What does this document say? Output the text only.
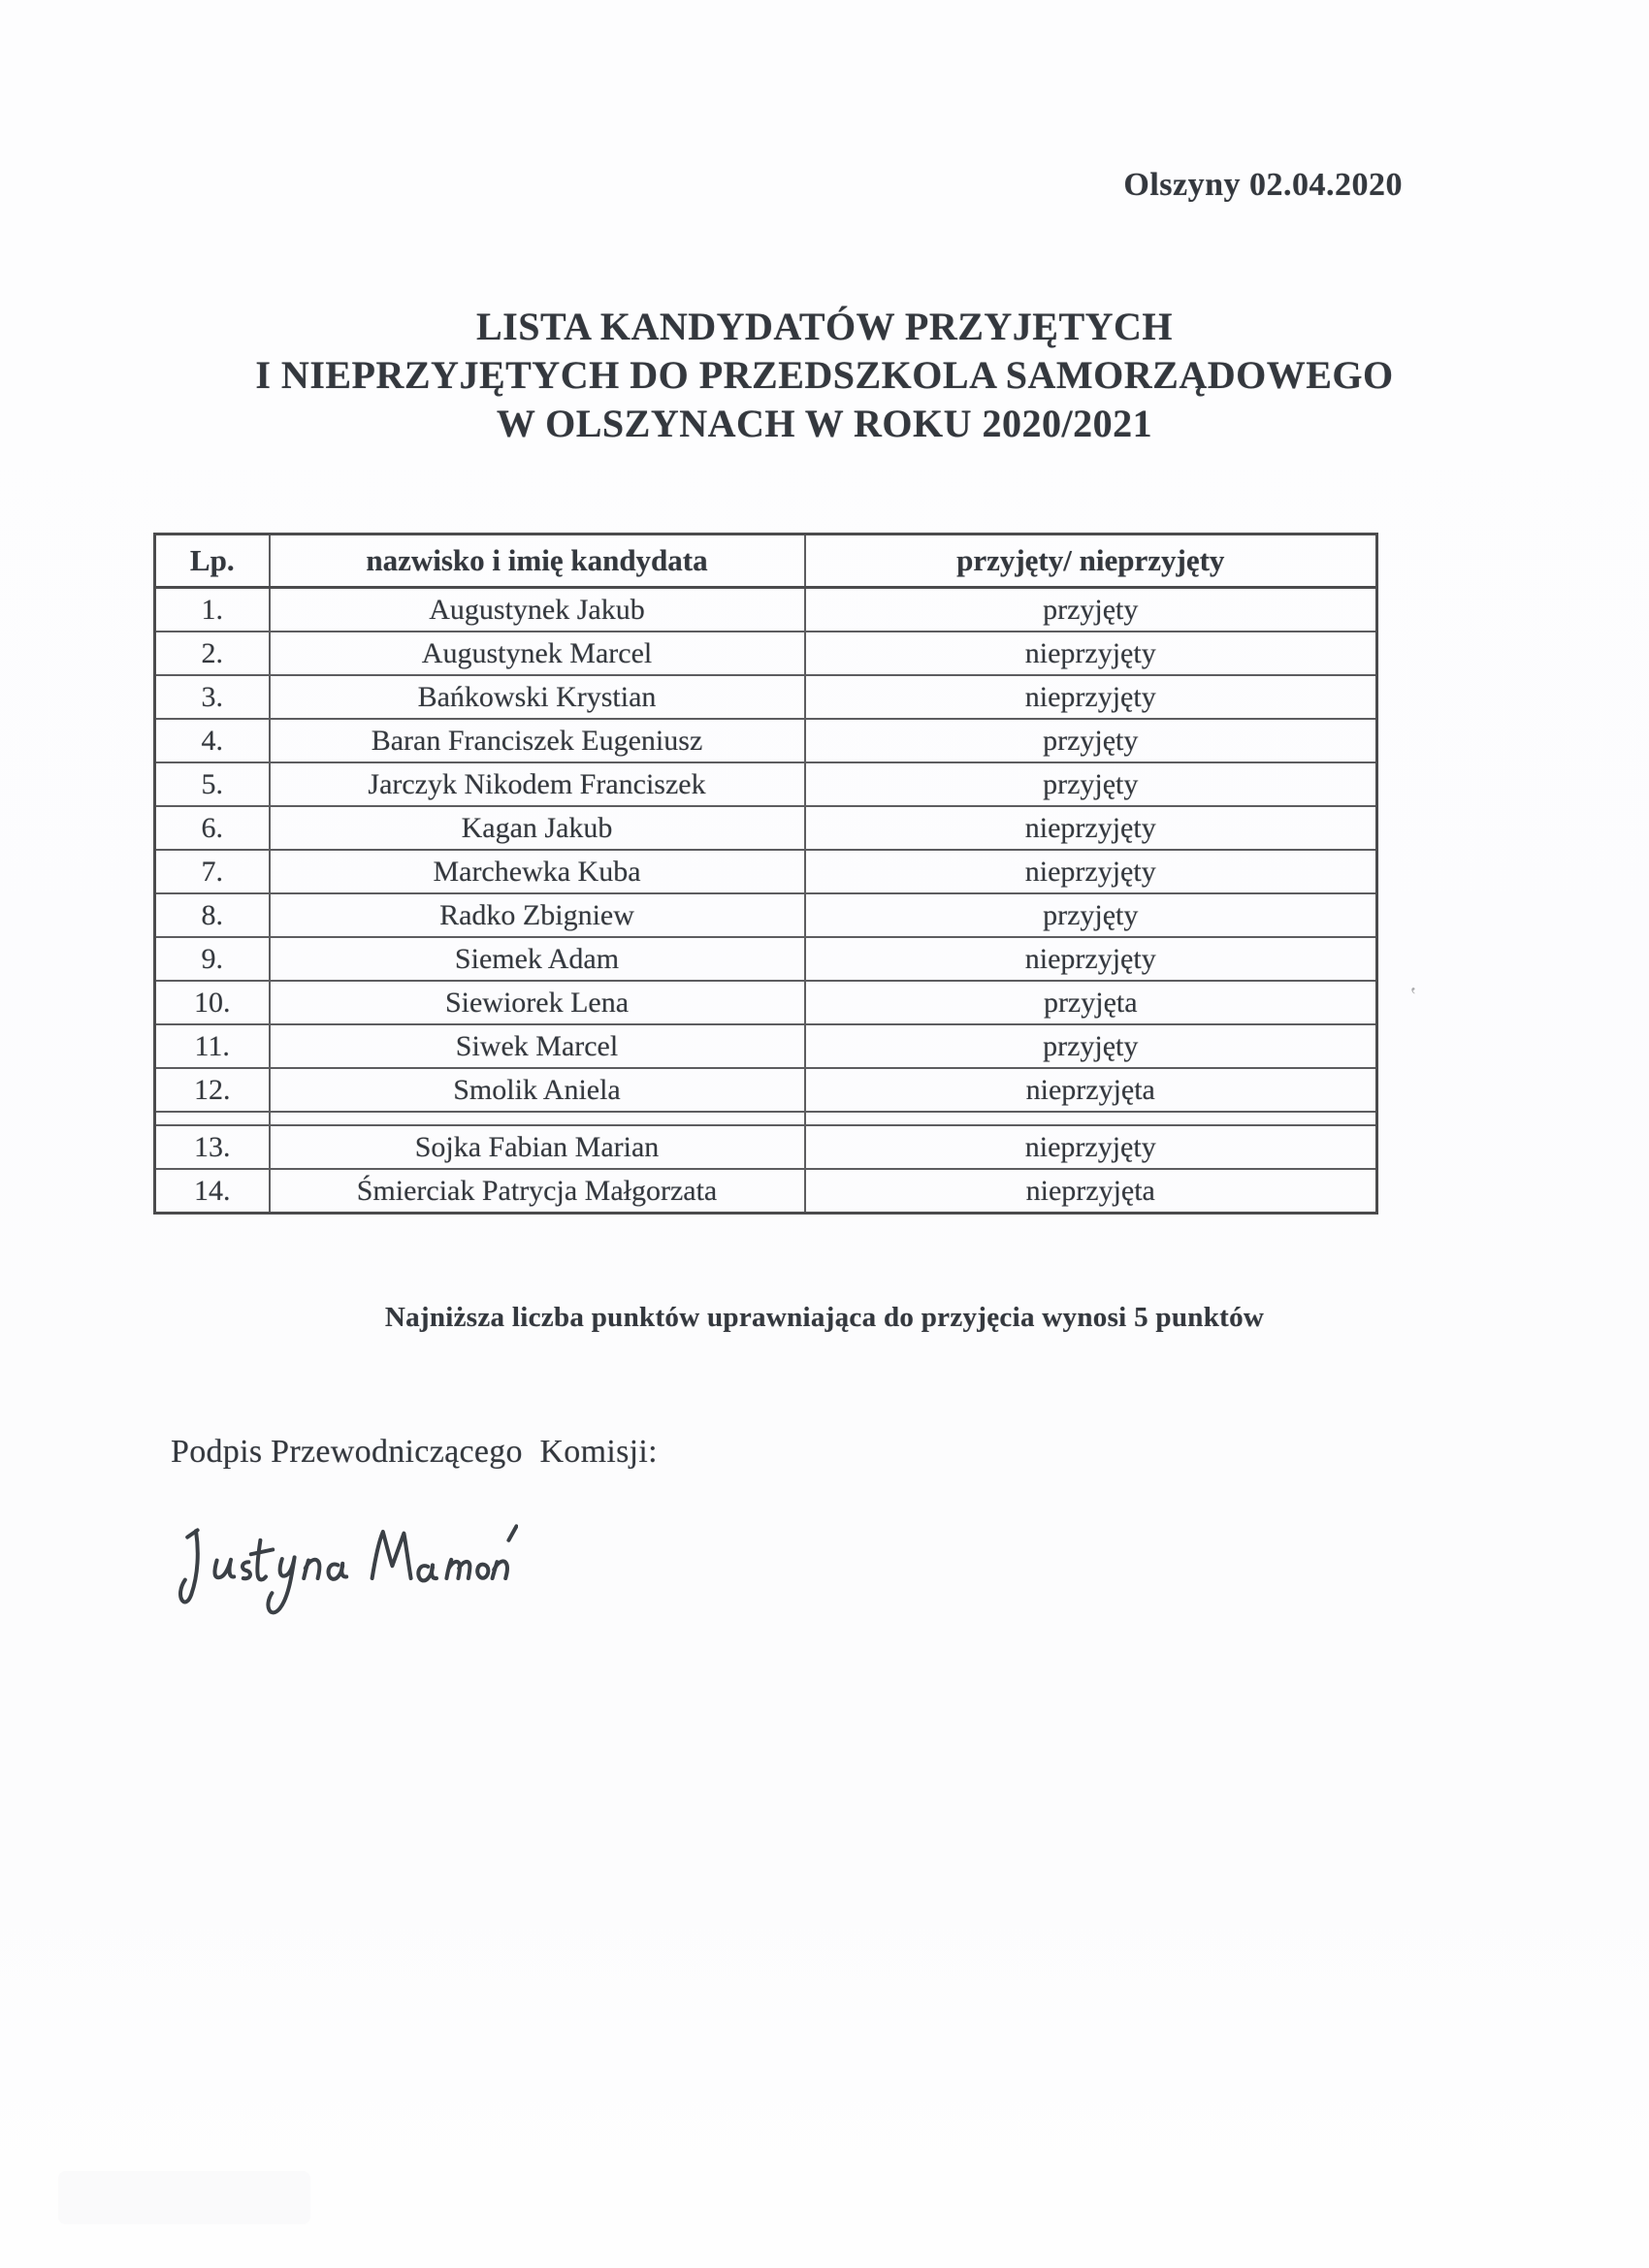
Olszyny 02.04.2020
LISTA KANDYDATÓW PRZYJĘTYCH
I NIEPRZYJĘTYCH DO PRZEDSZKOLA SAMORZĄDOWEGO
W OLSZYNACH W ROKU 2020/2021
Lp.	nazwisko i imię kandydata	przyjęty/ nieprzyjęty
1.	Augustynek Jakub	przyjęty
2.	Augustynek Marcel	nieprzyjęty
3.	Bańkowski Krystian	nieprzyjęty
4.	Baran Franciszek Eugeniusz	przyjęty
5.	Jarczyk Nikodem Franciszek	przyjęty
6.	Kagan Jakub	nieprzyjęty
7.	Marchewka Kuba	nieprzyjęty
8.	Radko Zbigniew	przyjęty
9.	Siemek Adam	nieprzyjęty
10.	Siewiorek Lena	przyjęta
11.	Siwek Marcel	przyjęty
12.	Smolik Aniela	nieprzyjęta

13.	Sojka Fabian Marian	nieprzyjęty
14.	Śmierciak Patrycja Małgorzata	nieprzyjęta
Najniższa liczba punktów uprawniająca do przyjęcia wynosi 5 punktów
Podpis Przewodniczącego  Komisji:
‛
